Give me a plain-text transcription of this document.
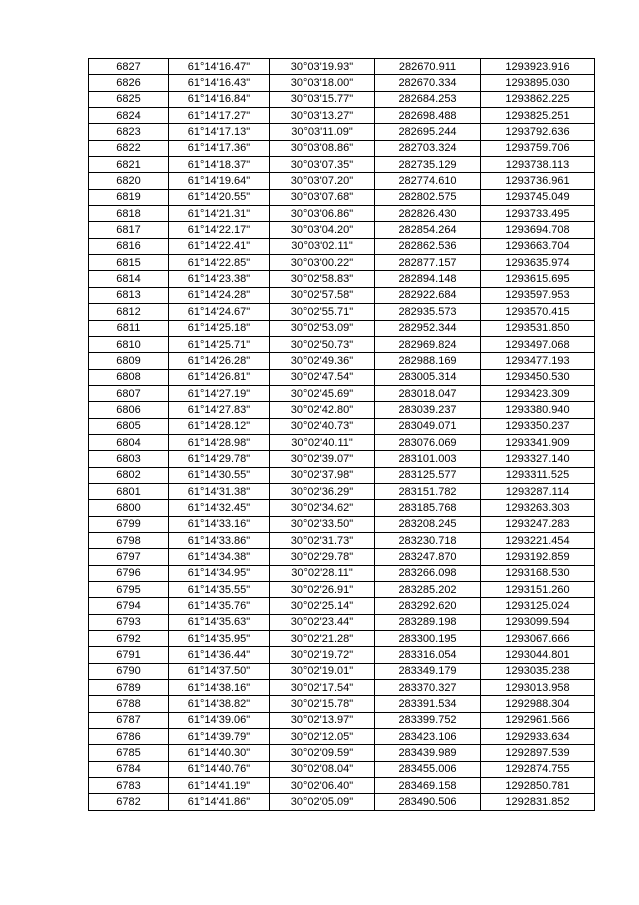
6827	61°14'16.47"	30°03'19.93"	282670.911	1293923.916
6826	61°14'16.43"	30°03'18.00"	282670.334	1293895.030
6825	61°14'16.84"	30°03'15.77"	282684.253	1293862.225
6824	61°14'17.27"	30°03'13.27"	282698.488	1293825.251
6823	61°14'17.13"	30°03'11.09"	282695.244	1293792.636
6822	61°14'17.36"	30°03'08.86"	282703.324	1293759.706
6821	61°14'18.37"	30°03'07.35"	282735.129	1293738.113
6820	61°14'19.64"	30°03'07.20"	282774.610	1293736.961
6819	61°14'20.55"	30°03'07.68"	282802.575	1293745.049
6818	61°14'21.31"	30°03'06.86"	282826.430	1293733.495
6817	61°14'22.17"	30°03'04.20"	282854.264	1293694.708
6816	61°14'22.41"	30°03'02.11"	282862.536	1293663.704
6815	61°14'22.85"	30°03'00.22"	282877.157	1293635.974
6814	61°14'23.38"	30°02'58.83"	282894.148	1293615.695
6813	61°14'24.28"	30°02'57.58"	282922.684	1293597.953
6812	61°14'24.67"	30°02'55.71"	282935.573	1293570.415
6811	61°14'25.18"	30°02'53.09"	282952.344	1293531.850
6810	61°14'25.71"	30°02'50.73"	282969.824	1293497.068
6809	61°14'26.28"	30°02'49.36"	282988.169	1293477.193
6808	61°14'26.81"	30°02'47.54"	283005.314	1293450.530
6807	61°14'27.19"	30°02'45.69"	283018.047	1293423.309
6806	61°14'27.83"	30°02'42.80"	283039.237	1293380.940
6805	61°14'28.12"	30°02'40.73"	283049.071	1293350.237
6804	61°14'28.98"	30°02'40.11"	283076.069	1293341.909
6803	61°14'29.78"	30°02'39.07"	283101.003	1293327.140
6802	61°14'30.55"	30°02'37.98"	283125.577	1293311.525
6801	61°14'31.38"	30°02'36.29"	283151.782	1293287.114
6800	61°14'32.45"	30°02'34.62"	283185.768	1293263.303
6799	61°14'33.16"	30°02'33.50"	283208.245	1293247.283
6798	61°14'33.86"	30°02'31.73"	283230.718	1293221.454
6797	61°14'34.38"	30°02'29.78"	283247.870	1293192.859
6796	61°14'34.95"	30°02'28.11"	283266.098	1293168.530
6795	61°14'35.55"	30°02'26.91"	283285.202	1293151.260
6794	61°14'35.76"	30°02'25.14"	283292.620	1293125.024
6793	61°14'35.63"	30°02'23.44"	283289.198	1293099.594
6792	61°14'35.95"	30°02'21.28"	283300.195	1293067.666
6791	61°14'36.44"	30°02'19.72"	283316.054	1293044.801
6790	61°14'37.50"	30°02'19.01"	283349.179	1293035.238
6789	61°14'38.16"	30°02'17.54"	283370.327	1293013.958
6788	61°14'38.82"	30°02'15.78"	283391.534	1292988.304
6787	61°14'39.06"	30°02'13.97"	283399.752	1292961.566
6786	61°14'39.79"	30°02'12.05"	283423.106	1292933.634
6785	61°14'40.30"	30°02'09.59"	283439.989	1292897.539
6784	61°14'40.76"	30°02'08.04"	283455.006	1292874.755
6783	61°14'41.19"	30°02'06.40"	283469.158	1292850.781
6782	61°14'41.86"	30°02'05.09"	283490.506	1292831.852
